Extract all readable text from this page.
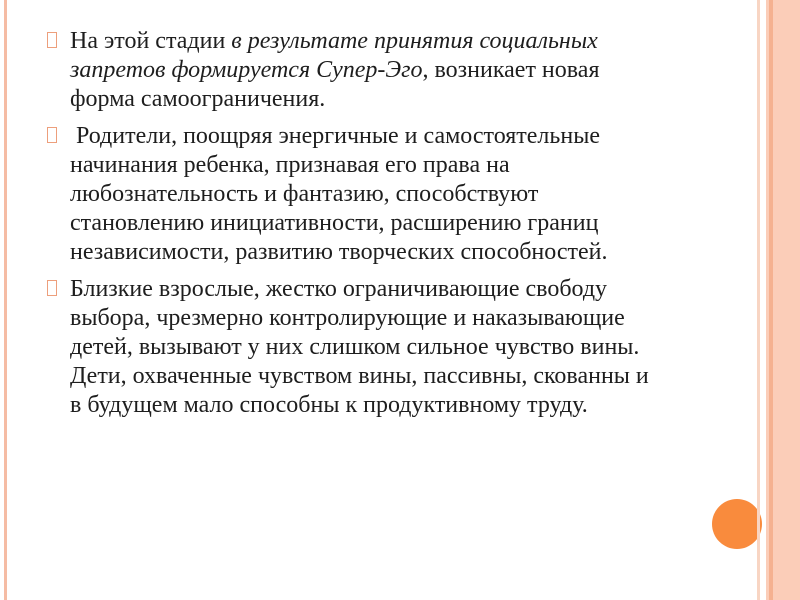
На этой стадии в результате принятия социальных запретов формируется Супер-Эго, возникает новая форма самоограничения.

Родители, поощряя энергичные и самостоятельные начинания ребенка, признавая его права на любознательность и фантазию, способствуют становлению инициативности, расширению границ независимости, развитию творческих способностей.

Близкие взрослые, жестко ограничивающие свободу выбора, чрезмерно контролирующие и наказывающие детей, вызывают у них слишком сильное чувство вины. Дети, охваченные чувством вины, пассивны, скованны и в будущем мало способны к продуктивному труду.
